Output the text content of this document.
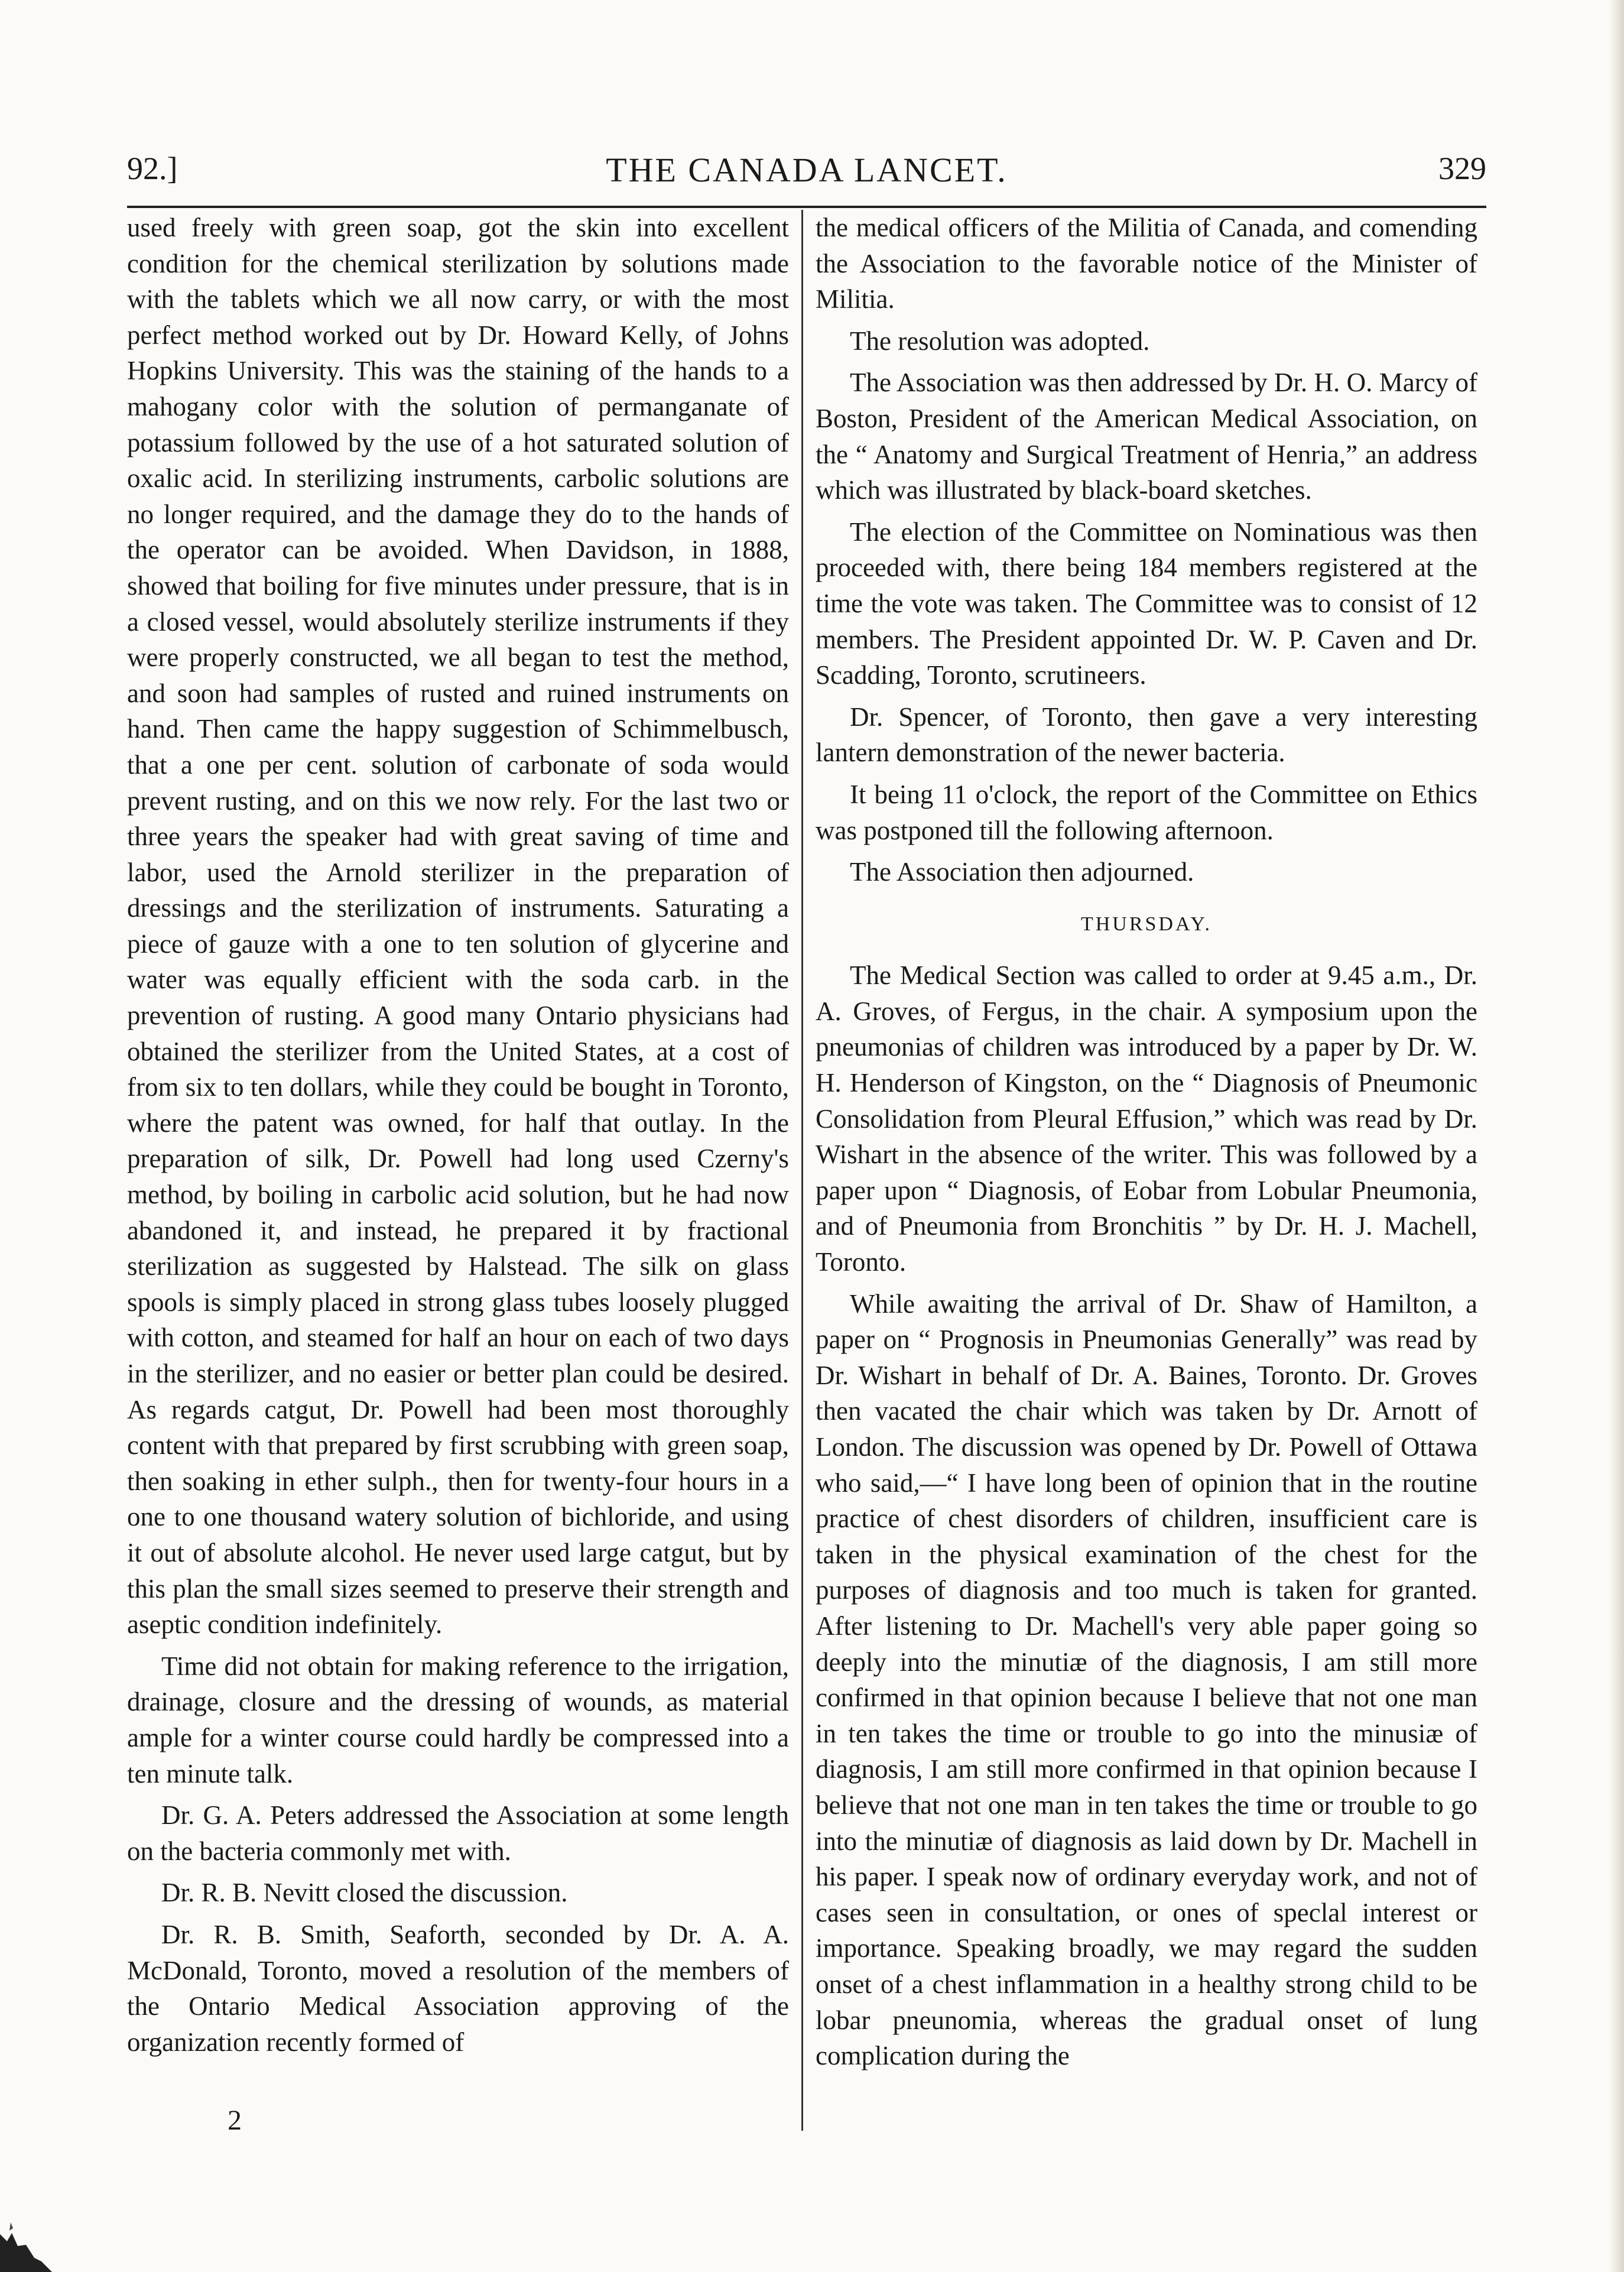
92.]	THE CANADA LANCET.	329

used freely with green soap, got the skin into excellent condition for the chemical sterilization by solutions made with the tablets which we all now carry, or with the most perfect method worked out by Dr. Howard Kelly, of Johns Hopkins University. This was the staining of the hands to a mahogany color with the solution of permanganate of potassium followed by the use of a hot saturated solution of oxalic acid. In sterilizing instruments, carbolic solutions are no longer required, and the damage they do to the hands of the operator can be avoided. When Davidson, in 1888, showed that boiling for five minutes under pressure, that is in a closed vessel, would absolutely sterilize instruments if they were properly constructed, we all began to test the method, and soon had samples of rusted and ruined instruments on hand. Then came the happy suggestion of Schimmelbusch, that a one per cent. solution of carbonate of soda would prevent rusting, and on this we now rely. For the last two or three years the speaker had with great saving of time and labor, used the Arnold sterilizer in the preparation of dressings and the sterilization of instruments. Saturating a piece of gauze with a one to ten solution of glycerine and water was equally efficient with the soda carb. in the prevention of rusting. A good many Ontario physicians had obtained the sterilizer from the United States, at a cost of from six to ten dollars, while they could be bought in Toronto, where the patent was owned, for half that outlay. In the preparation of silk, Dr. Powell had long used Czerny's method, by boiling in carbolic acid solution, but he had now abandoned it, and instead, he prepared it by fractional sterilization as suggested by Halstead. The silk on glass spools is simply placed in strong glass tubes loosely plugged with cotton, and steamed for half an hour on each of two days in the sterilizer, and no easier or better plan could be desired. As regards catgut, Dr. Powell had been most thoroughly content with that prepared by first scrubbing with green soap, then soaking in ether sulph., then for twenty-four hours in a one to one thousand watery solution of bichloride, and using it out of absolute alcohol. He never used large catgut, but by this plan the small sizes seemed to preserve their strength and aseptic condition indefinitely.

Time did not obtain for making reference to the irrigation, drainage, closure and the dressing of wounds, as material ample for a winter course could hardly be compressed into a ten minute talk.

Dr. G. A. Peters addressed the Association at some length on the bacteria commonly met with.

Dr. R. B. Nevitt closed the discussion.

Dr. R. B. Smith, Seaforth, seconded by Dr. A. A. McDonald, Toronto, moved a resolution of the members of the Ontario Medical Association approving of the organization recently formed of

the medical officers of the Militia of Canada, and comending the Association to the favorable notice of the Minister of Militia.

The resolution was adopted.

The Association was then addressed by Dr. H. O. Marcy of Boston, President of the American Medical Association, on the “ Anatomy and Surgical Treatment of Henria,” an address which was illustrated by black-board sketches.

The election of the Committee on Nominatious was then proceeded with, there being 184 members registered at the time the vote was taken. The Committee was to consist of 12 members. The President appointed Dr. W. P. Caven and Dr. Scadding, Toronto, scrutineers.

Dr. Spencer, of Toronto, then gave a very interesting lantern demonstration of the newer bacteria.

It being 11 o'clock, the report of the Committee on Ethics was postponed till the following afternoon.

The Association then adjourned.

THURSDAY.

The Medical Section was called to order at 9.45 a.m., Dr. A. Groves, of Fergus, in the chair. A symposium upon the pneumonias of children was introduced by a paper by Dr. W. H. Henderson of Kingston, on the “ Diagnosis of Pneumonic Consolidation from Pleural Effusion,” which was read by Dr. Wishart in the absence of the writer. This was followed by a paper upon “ Diagnosis, of Eobar from Lobular Pneumonia, and of Pneumonia from Bronchitis ” by Dr. H. J. Machell, Toronto.

While awaiting the arrival of Dr. Shaw of Hamilton, a paper on “ Prognosis in Pneumonias Generally” was read by Dr. Wishart in behalf of Dr. A. Baines, Toronto. Dr. Groves then vacated the chair which was taken by Dr. Arnott of London. The discussion was opened by Dr. Powell of Ottawa who said,—“ I have long been of opinion that in the routine practice of chest disorders of children, insufficient care is taken in the physical examination of the chest for the purposes of diagnosis and too much is taken for granted. After listening to Dr. Machell's very able paper going so deeply into the minutiæ of the diagnosis, I am still more confirmed in that opinion because I believe that not one man in ten takes the time or trouble to go into the minusiæ of diagnosis, I am still more confirmed in that opinion because I believe that not one man in ten takes the time or trouble to go into the minutiæ of diagnosis as laid down by Dr. Machell in his paper. I speak now of ordinary everyday work, and not of cases seen in consultation, or ones of speclal interest or importance. Speaking broadly, we may regard the sudden onset of a chest inflammation in a healthy strong child to be lobar pneunomia, whereas the gradual onset of lung complication during the

2
